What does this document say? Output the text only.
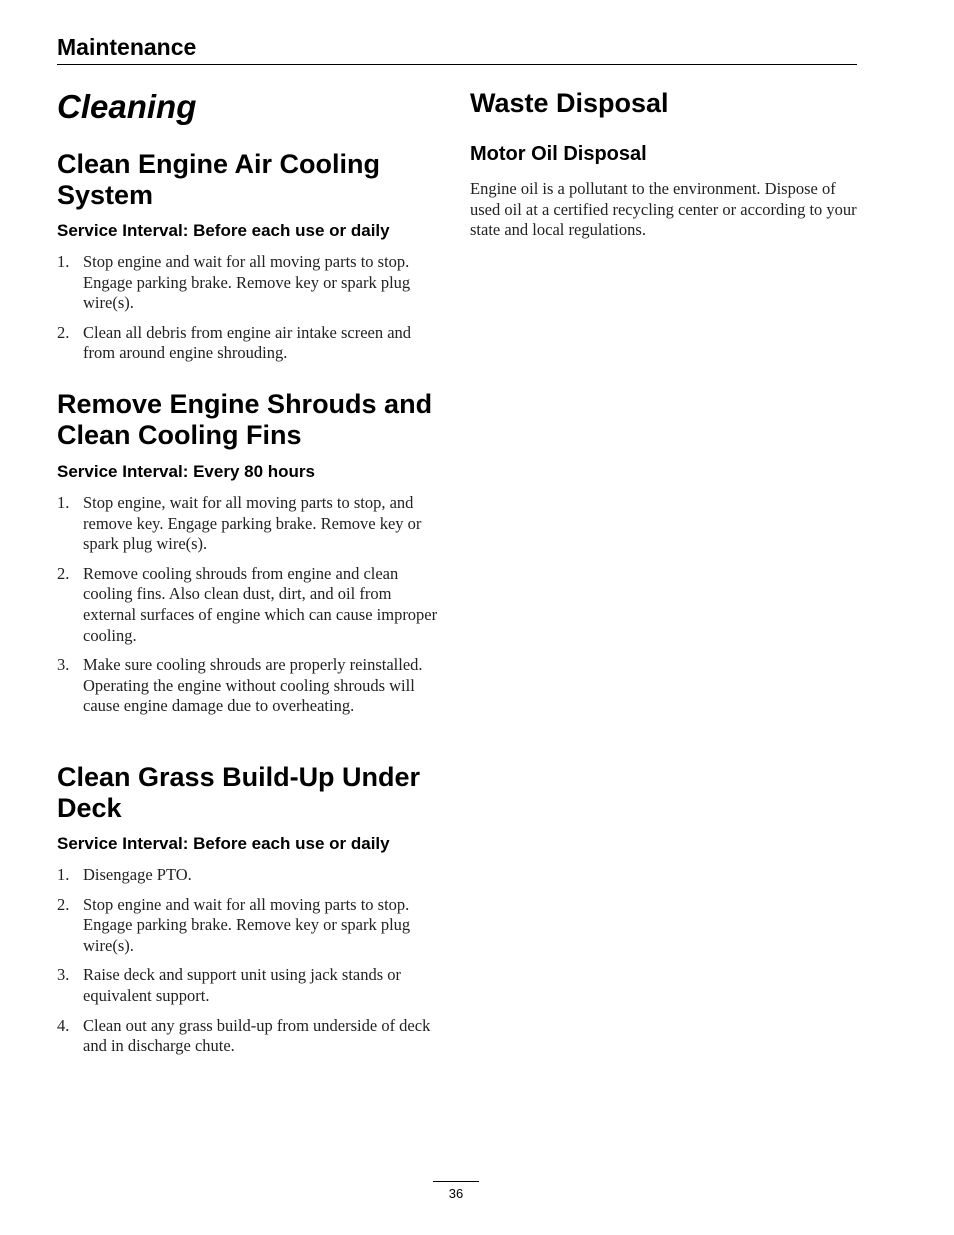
Maintenance
Cleaning
Clean Engine Air Cooling System
Service Interval: Before each use or daily
1. Stop engine and wait for all moving parts to stop. Engage parking brake. Remove key or spark plug wire(s).
2. Clean all debris from engine air intake screen and from around engine shrouding.
Remove Engine Shrouds and Clean Cooling Fins
Service Interval: Every 80 hours
1. Stop engine, wait for all moving parts to stop, and remove key. Engage parking brake. Remove key or spark plug wire(s).
2. Remove cooling shrouds from engine and clean cooling fins. Also clean dust, dirt, and oil from external surfaces of engine which can cause improper cooling.
3. Make sure cooling shrouds are properly reinstalled. Operating the engine without cooling shrouds will cause engine damage due to overheating.
Clean Grass Build-Up Under Deck
Service Interval: Before each use or daily
1. Disengage PTO.
2. Stop engine and wait for all moving parts to stop. Engage parking brake. Remove key or spark plug wire(s).
3. Raise deck and support unit using jack stands or equivalent support.
4. Clean out any grass build-up from underside of deck and in discharge chute.
Waste Disposal
Motor Oil Disposal

Engine oil is a pollutant to the environment. Dispose of used oil at a certified recycling center or according to your state and local regulations.

36
